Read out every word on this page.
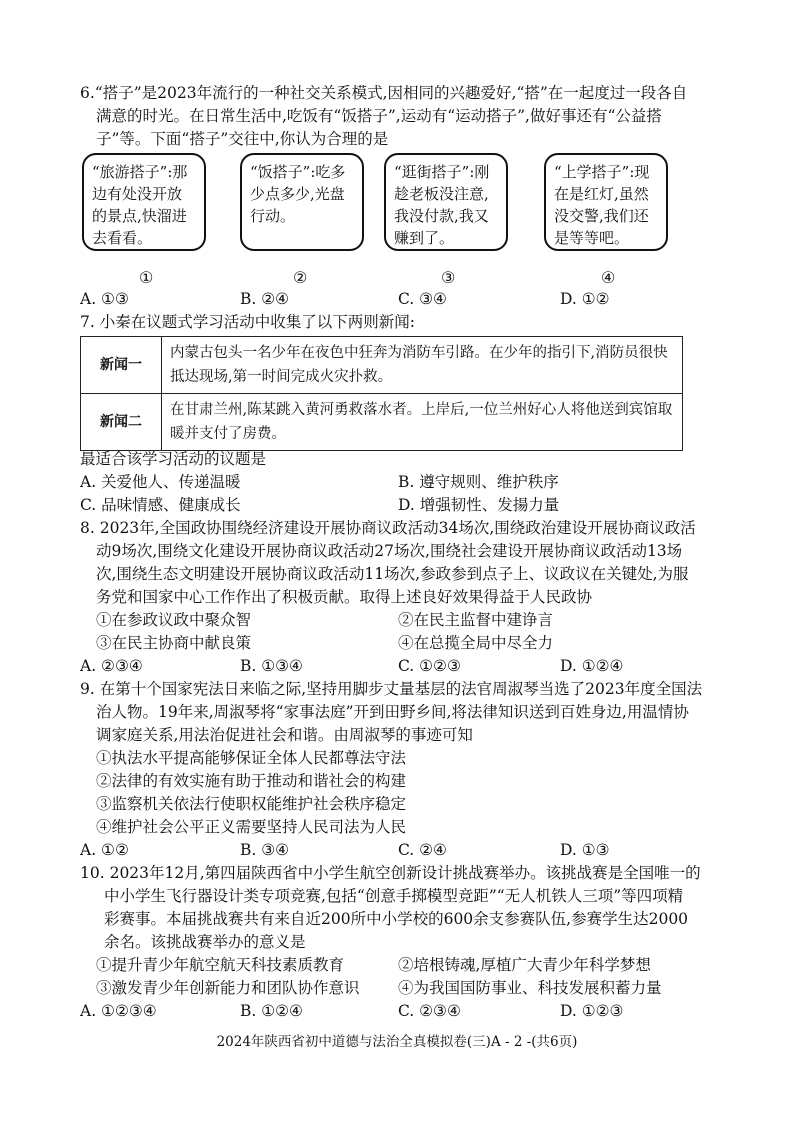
6.“搭子”是2023年流行的一种社交关系模式,因相同的兴趣爱好,“搭”在一起度过一段各自
满意的时光。在日常生活中,吃饭有“饭搭子”,运动有“运动搭子”,做好事还有“公益搭
子”等。下面“搭子”交往中,你认为合理的是
“旅游搭子”:那边有处没开放的景点,快溜进去看看。
“饭搭子”:吃多少点多少,光盘行动。
“逛街搭子”:刚趁老板没注意,我没付款,我又赚到了。
“上学搭子”:现在是红灯,虽然没交警,我们还是等等吧。
①	②	③	④
A. ①③	B. ②④	C. ③④	D. ①②
7. 小秦在议题式学习活动中收集了以下两则新闻:
新闻一	内蒙古包头一名少年在夜色中狂奔为消防车引路。在少年的指引下,消防员很快抵达现场,第一时间完成火灾扑救。
新闻二	在甘肃兰州,陈某跳入黄河勇救落水者。上岸后,一位兰州好心人将他送到宾馆取暖并支付了房费。
最适合该学习活动的议题是
A. 关爱他人、传递温暖	B. 遵守规则、维护秩序
C. 品味情感、健康成长	D. 增强韧性、发揚力量
8. 2023年,全国政协围绕经济建设开展协商议政活动34场次,围绕政治建设开展协商议政活
动9场次,围绕文化建设开展协商议政活动27场次,围绕社会建设开展协商议政活动13场
次,围绕生态文明建设开展协商议政活动11场次,参政参到点子上、议政议在关键处,为服
务党和国家中心工作作出了积极贡献。取得上述良好效果得益于人民政协
①在参政议政中聚众智	②在民主监督中建诤言
③在民主协商中献良策	④在总揽全局中尽全力
A. ②③④	B. ①③④	C. ①②③	D. ①②④
9. 在第十个国家宪法日来临之际,坚持用脚步丈量基层的法官周淑琴当选了2023年度全国法
治人物。19年来,周淑琴将“家事法庭”开到田野乡间,将法律知识送到百姓身边,用温情协
调家庭关系,用法治促进社会和谐。由周淑琴的事迹可知
①执法水平提高能够保证全体人民都尊法守法
②法律的有效实施有助于推动和谐社会的构建
③监察机关依法行使职权能维护社会秩序稳定
④维护社会公平正义需要坚持人民司法为人民
A. ①②	B. ③④	C. ②④	D. ①③
10. 2023年12月,第四届陕西省中小学生航空创新设计挑战赛举办。该挑战赛是全国唯一的
中小学生飞行器设计类专项竞赛,包括“创意手掷模型竞距”“无人机铁人三项”等四项精
彩赛事。本届挑战赛共有来自近200所中小学校的600余支参赛队伍,参赛学生达2000
余名。该挑战赛举办的意义是
①提升青少年航空航天科技素质教育	②培根铸魂,厚植广大青少年科学梦想
③激发青少年创新能力和团队协作意识 ④为我国国防事业、科技发展积蓄力量
A. ①②③④	B. ①②④	C. ②③④	D. ①②③
2024年陕西省初中道德与法治全真模拟卷(三)A - 2 -(共6页)
